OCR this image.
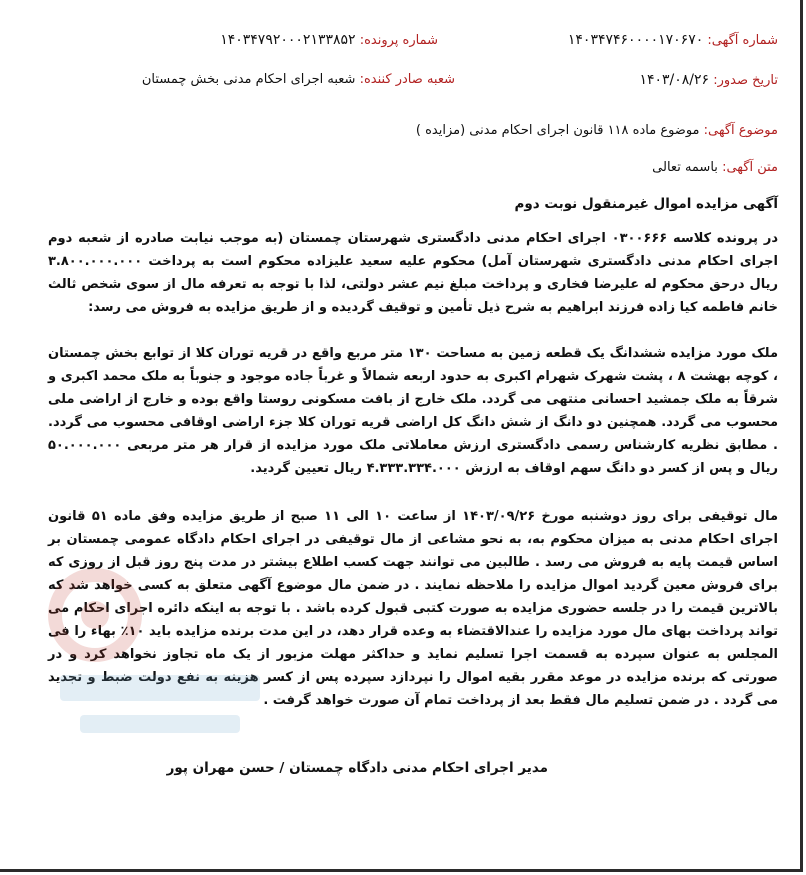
شماره آگهی: ۱۴۰۳۴۷۴۶۰۰۰۰۱۷۰۶۷۰
شماره پرونده: ۱۴۰۳۴۷۹۲۰۰۰۲۱۳۳۸۵۲
تاریخ صدور: ۱۴۰۳/۰۸/۲۶
شعبه صادر کننده: شعبه اجرای احکام مدنی بخش چمستان
موضوع آگهی: موضوع ماده ۱۱۸ قانون اجرای احکام مدنی (مزایده )
متن آگهی: باسمه تعالی
آگهی مزایده اموال غیرمنقول نوبت دوم
در پرونده کلاسه ۰۳۰۰۶۶۶ اجرای احکام مدنی دادگستری شهرستان چمستان (به موجب نیابت صادره از شعبه دوم اجرای احکام مدنی دادگستری شهرستان آمل) محکوم علیه سعید علیزاده محکوم است به پرداخت ۳.۸۰۰.۰۰۰.۰۰۰ ریال درحق محکوم له علیرضا فخاری و پرداخت مبلغ نیم عشر دولتی، لذا با توجه به تعرفه مال از سوی شخص ثالث خانم فاطمه کیا زاده فرزند ابراهیم به شرح ذیل تأمین و توقیف گردیده و از طریق مزایده به فروش می رسد:
ملک مورد مزایده ششدانگ یک قطعه زمین به مساحت ۱۳۰ متر مربع واقع در قریه توران کلا از توابع بخش چمستان ، کوچه بهشت ۸ ، پشت شهرک شهرام اکبری به حدود اربعه شمالاً و غرباً جاده موجود و جنوباً به ملک محمد اکبری و شرقاً به ملک جمشید احسانی منتهی می گردد. ملک خارج از بافت مسکونی روستا واقع بوده و خارج از اراضی ملی محسوب می گردد. همچنین دو دانگ از شش دانگ کل اراضی قریه توران کلا جزء اراضی اوقافی محسوب می گردد. . مطابق نظریه کارشناس رسمی دادگستری ارزش معاملاتی ملک مورد مزایده از قرار هر متر مربعی ۵۰.۰۰۰.۰۰۰ ریال و پس از کسر دو دانگ سهم اوقاف به ارزش ۴.۳۳۳.۳۳۴.۰۰۰ ریال تعیین گردید.
مال توقیفی برای روز دوشنبه مورخ ۱۴۰۳/۰۹/۲۶ از ساعت ۱۰ الی ۱۱ صبح از طریق مزایده وفق ماده ۵۱ قانون اجرای احکام مدنی به میزان محکوم به، به نحو مشاعی از مال توقیفی در اجرای احکام دادگاه عمومی چمستان بر اساس قیمت پایه به فروش می رسد . طالبین می توانند جهت کسب اطلاع بیشتر در مدت پنج روز قبل از روزی که برای فروش معین گردید اموال مزایده را ملاحظه نمایند . در ضمن مال موضوع آگهی متعلق به کسی خواهد شد که بالاترین قیمت را در جلسه حضوری مزایده به صورت کتبی قبول کرده باشد . با توجه به اینکه دائره اجرای احکام می تواند پرداخت بهای مال مورد مزایده را عندالاقتضاء به وعده قرار دهد، در این مدت برنده مزایده باید ۱۰٪ بهاء را فی المجلس به عنوان سپرده به قسمت اجرا تسلیم نماید و حداکثر مهلت مزبور از یک ماه تجاوز نخواهد کرد و در صورتی که برنده مزایده در موعد مقرر بقیه اموال را نپردازد سپرده پس از کسر هزینه به نفع دولت ضبط و تجدید می گردد . در ضمن تسلیم مال فقط بعد از پرداخت تمام آن صورت خواهد گرفت .
مدیر اجرای احکام مدنی دادگاه چمستان / حسن مهران پور
